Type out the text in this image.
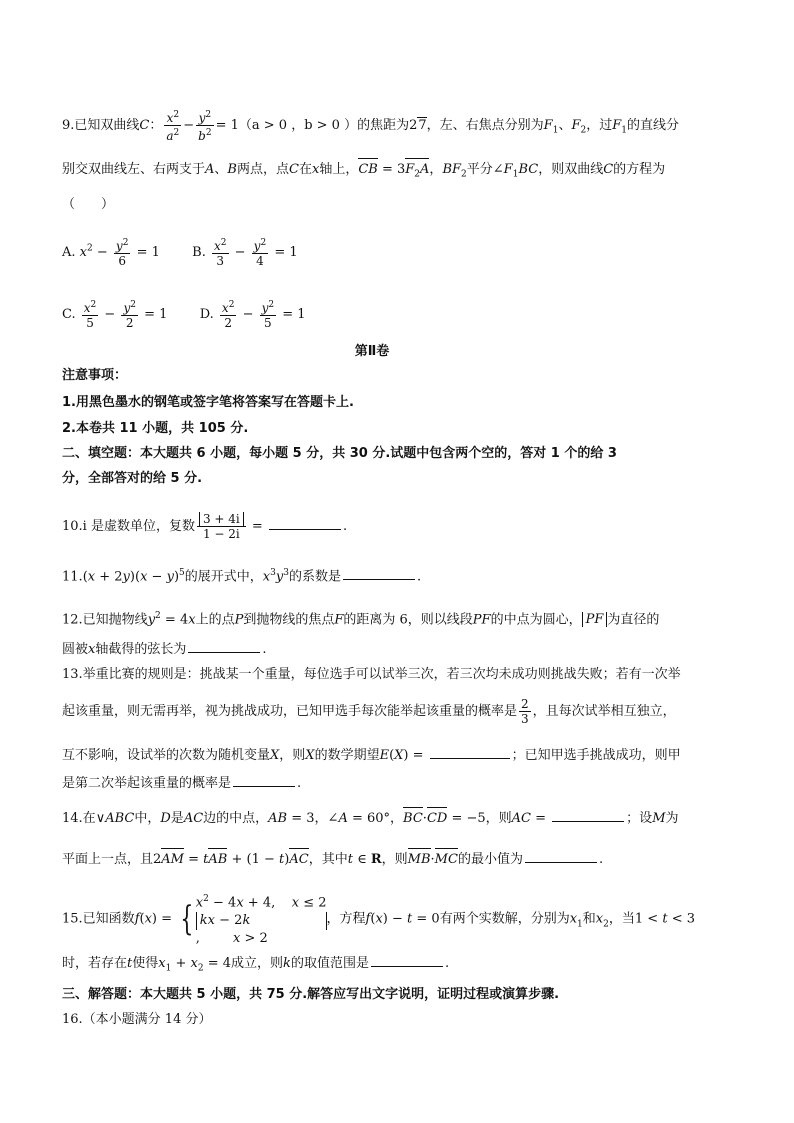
9.已知双曲线C： $\frac{x^2}{a^2} - \frac{y^2}{b^2} = 1(a > 0$ ，b > 0 ）的焦距为27，左、右焦点分别为$F_1$、$F_2$，过$F_1$的直线分
别交双曲线左、右两支于A、B两点，点C在x轴上，CB = $3F_2A$，$BF_2$平分$\angle F_1BC$，则双曲线C的方程为
（　　）
A. $x^2 - \frac{y^2}{6} = 1$ B. $\frac{x^2}{3} - \frac{y^2}{4} = 1$
C. $\frac{x^2}{5} - \frac{y^2}{2} = 1$ D. $\frac{x^2}{2} - \frac{y^2}{5} = 1$
第Ⅱ卷
注意事项：
1.用黑色墨水的钢笔或签字笔将答案写在答题卡上.
2.本卷共 11 小题，共 105 分.
二、填空题：本大题共 6 小题，每小题 5 分，共 30 分.试题中包含两个空的，答对 1 个的给 3
分，全部答对的给 5 分.
10.i 是虚数单位，复数 $\frac{3 + 4i}{1 - 2i}$ =	.
$11.(x + 2y)(x - y)^5$的展开式中，$x^3y^3$的系数是	.
12.已知抛物线$y^2 = 4x$上的点P到抛物线的焦点F的距离为 6，则以线段PF的中点为圆心， PF 为直径的
圆被x轴截得的弦长为	.
13.举重比赛的规则是：挑战某一个重量，每位选手可以试举三次，若三次均未成功则挑战失败；若有一次举
起该重量，则无需再举，视为挑战成功，已知甲选手每次能举起该重量的概率是 $\frac{2}{3}$ ，且每次试举相互独立，
互不影响，设试举的次数为随机变量X，则X的数学期望E(X) =	；已知甲选手挑战成功，则甲
是第二次举起该重量的概率是	.
14.在∨ABC中，D是AC边的中点，AB = 3，∠A = 60°，BC·CD = −5，则AC =	；设M为
平面上一点，且2AM = tAB + (1 − t)AC，其中t ∈ R，则MB·MC的最小值为	.
15.已知函数f(x) = { $x^2 - 4x + 4$,    x ≤ 2
kx − 2k
,        x > 2
，方程f(x) − t = 0有两个实数解，分别为$x_1$和$x_2$，当1 < t < 3
时，若存在t使得$x_1 + x_2 = 4$成立，则k的取值范围是	.
三、解答题：本大题共 5 小题，共 75 分.解答应写出文字说明，证明过程或演算步骤.
16.（本小题满分 14 分）
